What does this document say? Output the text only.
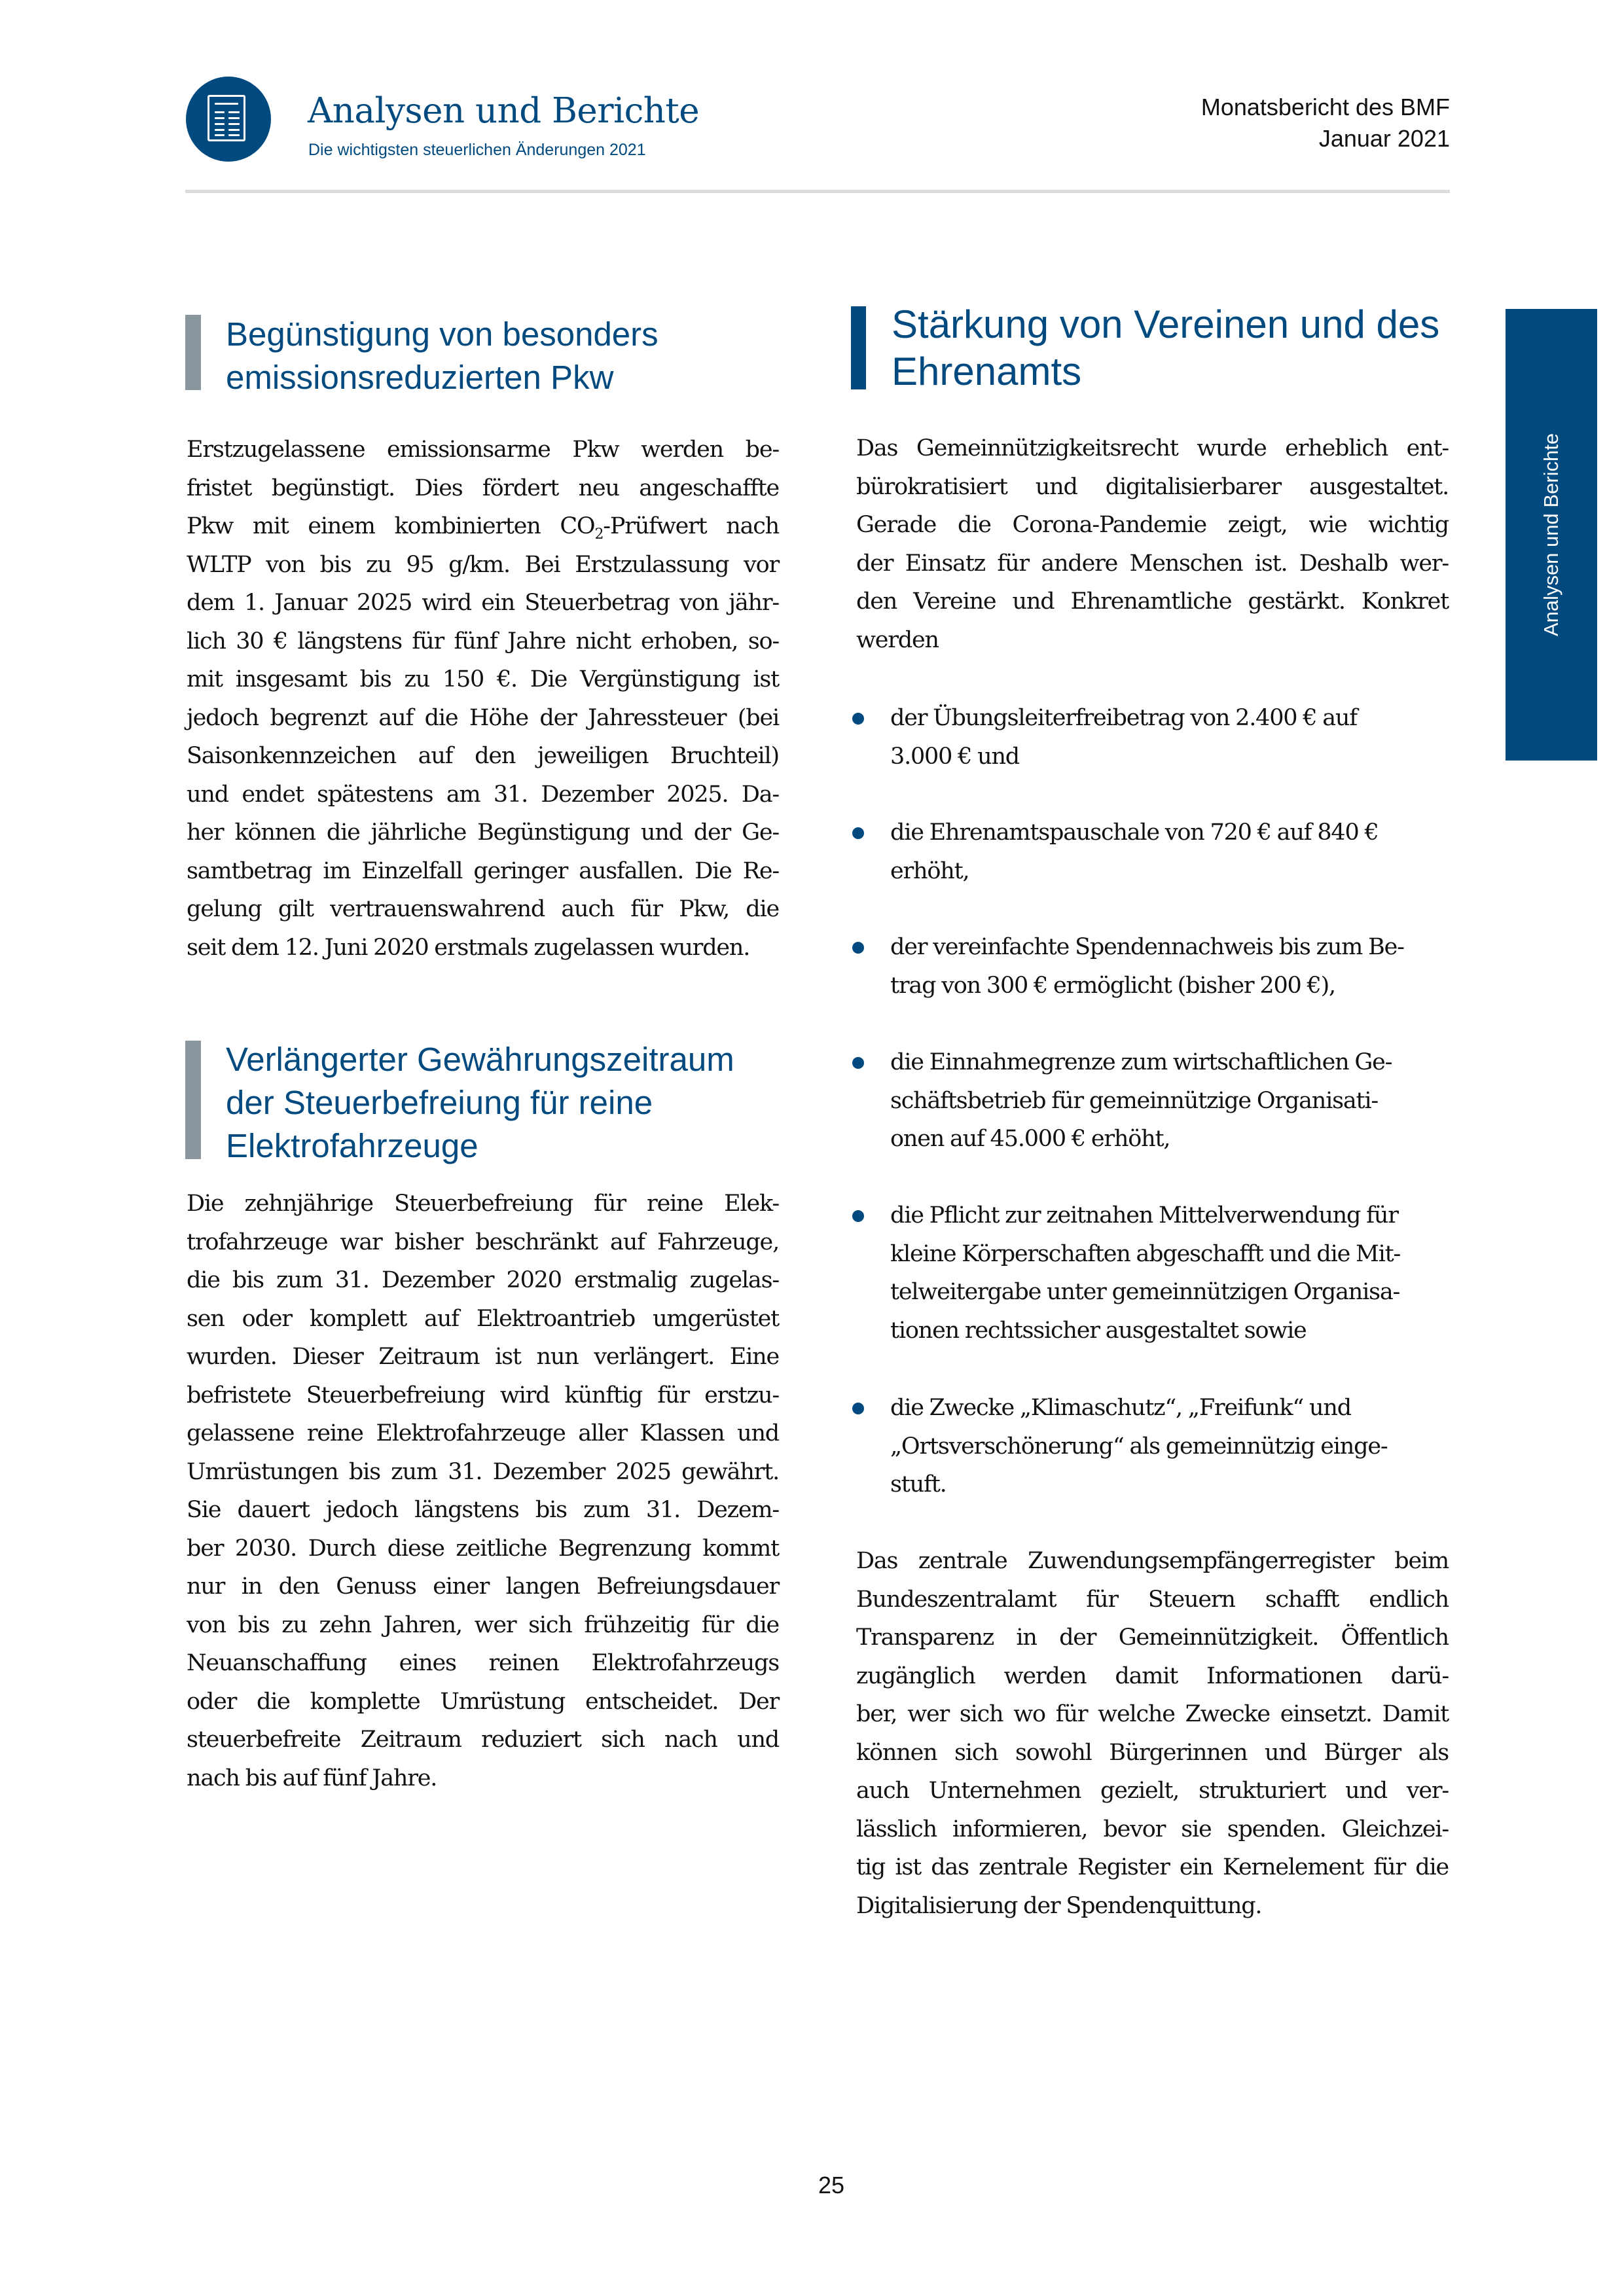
Analysen und Berichte
Die wichtigsten steuerlichen Änderungen 2021
Monatsbericht des BMF
Januar 2021
Analysen und Berichte
Begünstigung von besonders
emissionsreduzierten Pkw
Erstzugelassene emissionsarme Pkw werden be-
fristet begünstigt. Dies fördert neu angeschaffte
Pkw mit einem kombinierten $CO_2$-Prüfwert nach
WLTP von bis zu 95 g/km. Bei Erstzulassung vor
dem 1. Januar 2025 wird ein Steuerbetrag von jähr-
lich 30 € längstens für fünf Jahre nicht erhoben, so-
mit insgesamt bis zu 150 €. Die Vergünstigung ist
jedoch begrenzt auf die Höhe der Jahressteuer (bei
Saisonkennzeichen auf den jeweiligen Bruchteil)
und endet spätestens am 31. Dezember 2025. Da-
her können die jährliche Begünstigung und der Ge-
samtbetrag im Einzelfall geringer ausfallen. Die Re-
gelung gilt vertrauenswahrend auch für Pkw, die
seit dem 12. Juni 2020 erstmals zugelassen wurden.
Verlängerter Gewährungszeitraum
der Steuerbefreiung für reine
Elektrofahrzeuge
Die zehnjährige Steuerbefreiung für reine Elek-
trofahrzeuge war bisher beschränkt auf Fahrzeuge,
die bis zum 31. Dezember 2020 erstmalig zugelas-
sen oder komplett auf Elektroantrieb umgerüstet
wurden. Dieser Zeitraum ist nun verlängert. Eine
befristete Steuerbefreiung wird künftig für erstzu-
gelassene reine Elektrofahrzeuge aller Klassen und
Umrüstungen bis zum 31. Dezember 2025 gewährt.
Sie dauert jedoch längstens bis zum 31. Dezem-
ber 2030. Durch diese zeitliche Begrenzung kommt
nur in den Genuss einer langen Befreiungsdauer
von bis zu zehn Jahren, wer sich frühzeitig für die
Neuanschaffung eines reinen Elektrofahrzeugs
oder die komplette Umrüstung entscheidet. Der
steuerbefreite Zeitraum reduziert sich nach und
nach bis auf fünf Jahre.
Stärkung von Vereinen und des
Ehrenamts
Das Gemeinnützigkeitsrecht wurde erheblich ent-
bürokratisiert und digitalisierbarer ausgestaltet.
Gerade die Corona-Pandemie zeigt, wie wichtig
der Einsatz für andere Menschen ist. Deshalb wer-
den Vereine und Ehrenamtliche gestärkt. Konkret
werden
der Übungsleiterfreibetrag von 2.400 € auf
3.000 € und
die Ehrenamtspauschale von 720 € auf 840 €
erhöht,
der vereinfachte Spendennachweis bis zum Be-
trag von 300 € ermöglicht (bisher 200 €),
die Einnahmegrenze zum wirtschaftlichen Ge-
schäftsbetrieb für gemeinnützige Organisati-
onen auf 45.000 € erhöht,
die Pflicht zur zeitnahen Mittelverwendung für
kleine Körperschaften abgeschafft und die Mit-
telweitergabe unter gemeinnützigen Organisa-
tionen rechtssicher ausgestaltet sowie
die Zwecke „Klimaschutz“, „Freifunk“ und
„Ortsverschönerung“ als gemeinnützig einge-
stuft.
Das zentrale Zuwendungsempfängerregister beim
Bundeszentralamt für Steuern schafft endlich
Transparenz in der Gemeinnützigkeit. Öffentlich
zugänglich werden damit Informationen darü-
ber, wer sich wo für welche Zwecke einsetzt. Damit
können sich sowohl Bürgerinnen und Bürger als
auch Unternehmen gezielt, strukturiert und ver-
lässlich informieren, bevor sie spenden. Gleichzei-
tig ist das zentrale Register ein Kernelement für die
Digitalisierung der Spendenquittung.
25
